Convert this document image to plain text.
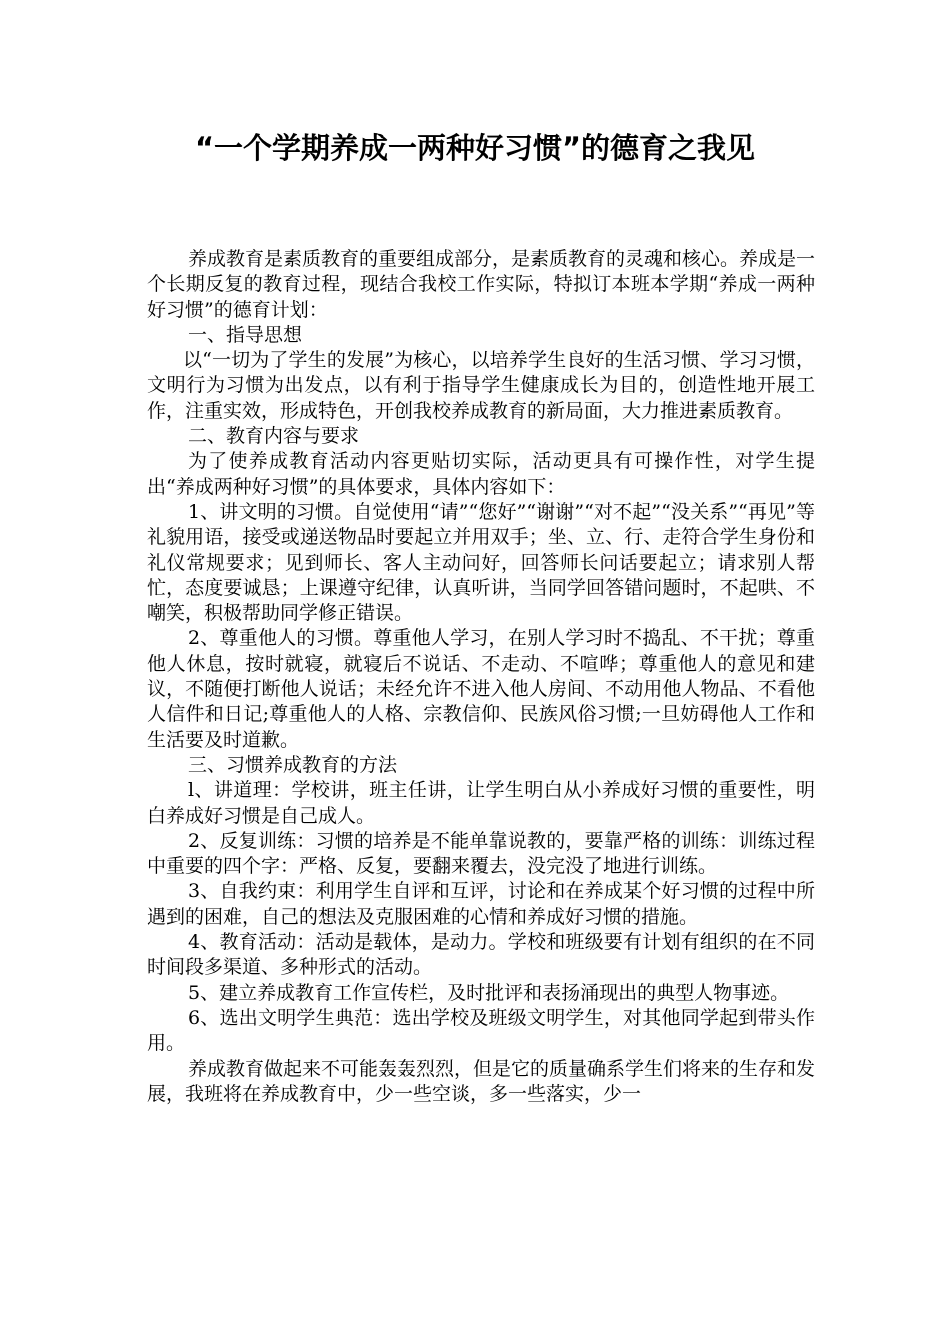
“一个学期养成一两种好习惯”的德育之我见

养成教育是素质教育的重要组成部分，是素质教育的灵魂和核心。养成是一个长期反复的教育过程，现结合我校工作实际，特拟订本班本学期“养成一两种好习惯”的德育计划：

一、指导思想

以“一切为了学生的发展”为核心，以培养学生良好的生活习惯、学习习惯，文明行为习惯为出发点，以有利于指导学生健康成长为目的，创造性地开展工作，注重实效，形成特色，开创我校养成教育的新局面，大力推进素质教育。

二、教育内容与要求

为了使养成教育活动内容更贴切实际，活动更具有可操作性，对学生提出“养成两种好习惯”的具体要求，具体内容如下：

1、讲文明的习惯。自觉使用“请”“您好”“谢谢”“对不起”“没关系”“再见”等礼貌用语，接受或递送物品时要起立并用双手；坐、立、行、走符合学生身份和礼仪常规要求；见到师长、客人主动问好，回答师长问话要起立；请求别人帮忙，态度要诚恳；上课遵守纪律，认真听讲，当同学回答错问题时，不起哄、不嘲笑，积极帮助同学修正错误。

2、尊重他人的习惯。尊重他人学习，在别人学习时不捣乱、不干扰；尊重他人休息，按时就寝，就寝后不说话、不走动、不喧哗；尊重他人的意见和建议，不随便打断他人说话；未经允许不进入他人房间、不动用他人物品、不看他人信件和日记;尊重他人的人格、宗教信仰、民族风俗习惯;一旦妨碍他人工作和生活要及时道歉。

三、习惯养成教育的方法

l、讲道理：学校讲，班主任讲，让学生明白从小养成好习惯的重要性，明白养成好习惯是自己成人。

2、反复训练：习惯的培养是不能单靠说教的，要靠严格的训练：训练过程中重要的四个字：严格、反复，要翻来覆去，没完没了地进行训练。

3、自我约束：利用学生自评和互评，讨论和在养成某个好习惯的过程中所遇到的困难，自己的想法及克服困难的心情和养成好习惯的措施。

4、教育活动：活动是载体，是动力。学校和班级要有计划有组织的在不同时间段多渠道、多种形式的活动。

5、建立养成教育工作宣传栏，及时批评和表扬涌现出的典型人物事迹。

6、选出文明学生典范：选出学校及班级文明学生，对其他同学起到带头作用。

养成教育做起来不可能轰轰烈烈，但是它的质量确系学生们将来的生存和发展，我班将在养成教育中，少一些空谈，多一些落实，少一
